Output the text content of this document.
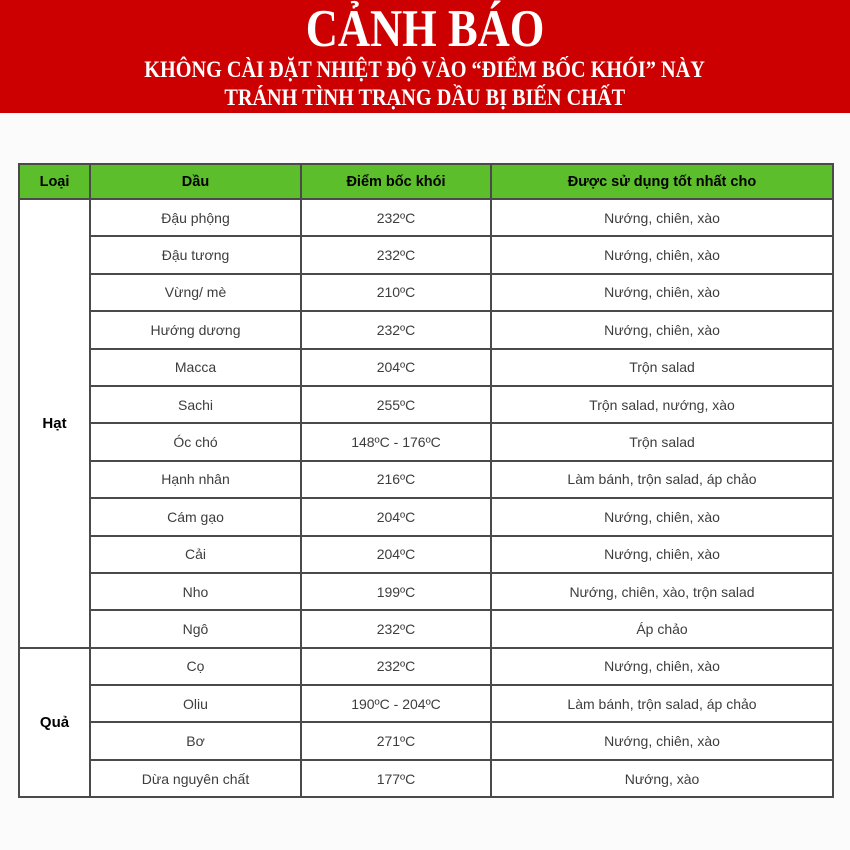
CẢNH BÁO
KHÔNG CÀI ĐẶT NHIỆT ĐỘ VÀO “ĐIỂM BỐC KHÓI” NÀY
TRÁNH TÌNH TRẠNG DẦU BỊ BIẾN CHẤT
Loại	Dầu	Điểm bốc khói	Được sử dụng tốt nhất cho
Hạt	Đậu phộng	232ºC	Nướng, chiên, xào
	Đậu tương	232ºC	Nướng, chiên, xào
	Vừng/ mè	210ºC	Nướng, chiên, xào
	Hướng dương	232ºC	Nướng, chiên, xào
	Macca	204ºC	Trộn salad
	Sachi	255ºC	Trộn salad, nướng, xào
	Óc chó	148ºC - 176ºC	Trộn salad
	Hạnh nhân	216ºC	Làm bánh, trộn salad, áp chảo
	Cám gạo	204ºC	Nướng, chiên, xào
	Cải	204ºC	Nướng, chiên, xào
	Nho	199ºC	Nướng, chiên, xào, trộn salad
	Ngô	232ºC	Áp chảo
Quả	Cọ	232ºC	Nướng, chiên, xào
	Oliu	190ºC - 204ºC	Làm bánh, trộn salad, áp chảo
	Bơ	271ºC	Nướng, chiên, xào
	Dừa nguyên chất	177ºC	Nướng, xào
